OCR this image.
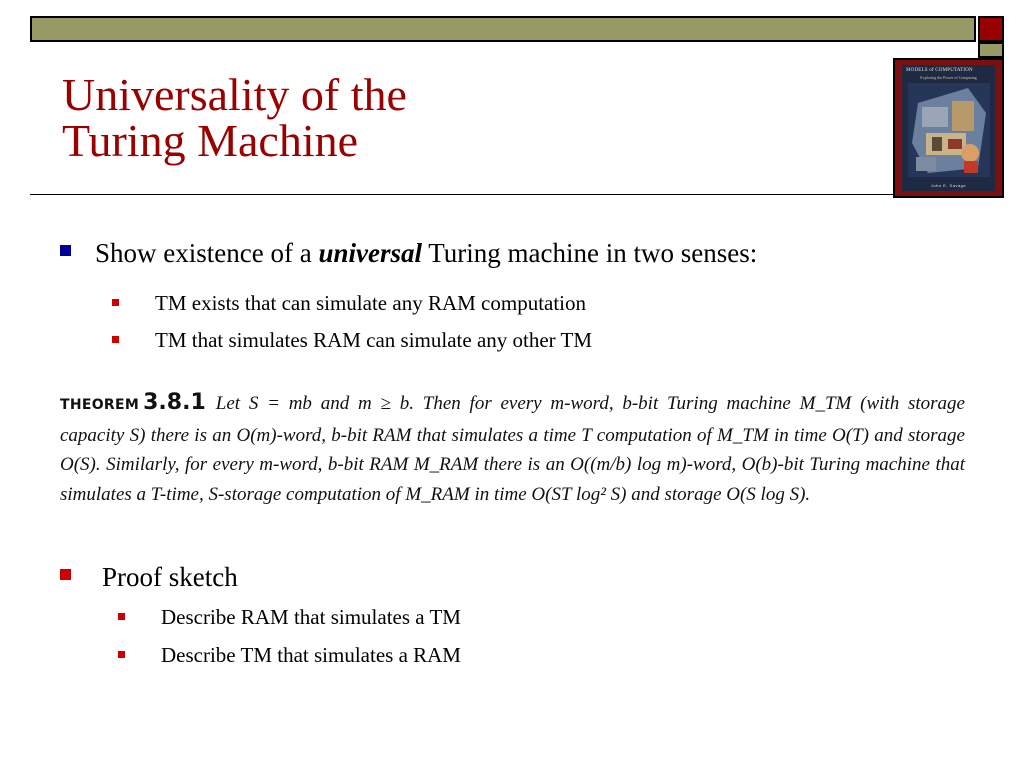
MODELS of COMPUTATION
Exploring the Power of Computing
John E. Savage
Universality of the
Turing Machine
Show existence of a universal Turing machine in two senses:
TM exists that can simulate any RAM computation
TM that simulates RAM can simulate any other TM
THEOREM 3.8.1 Let S = mb and m ≥ b. Then for every m-word, b-bit Turing machine M_TM (with storage capacity S) there is an O(m)-word, b-bit RAM that simulates a time T computation of M_TM in time O(T) and storage O(S). Similarly, for every m-word, b-bit RAM M_RAM there is an O((m/b) log m)-word, O(b)-bit Turing machine that simulates a T-time, S-storage computation of M_RAM in time O(ST log² S) and storage O(S log S).
Proof sketch
Describe RAM that simulates a TM
Describe TM that simulates a RAM
